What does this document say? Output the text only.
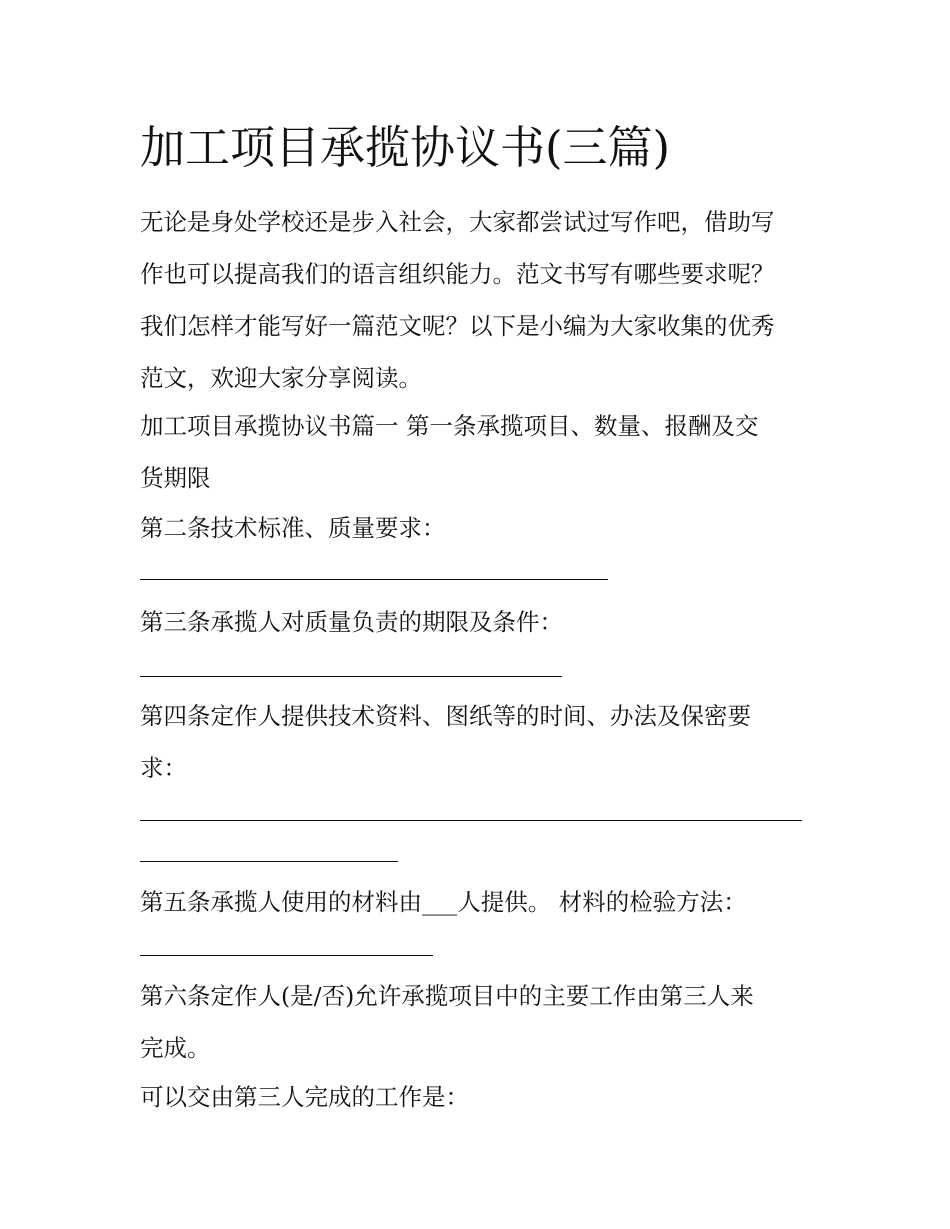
加工项目承揽协议书(三篇)
无论是身处学校还是步入社会，大家都尝试过写作吧，借助写
作也可以提高我们的语言组织能力。范文书写有哪些要求呢？
我们怎样才能写好一篇范文呢？以下是小编为大家收集的优秀
范文，欢迎大家分享阅读。
加工项目承揽协议书篇一 第一条承揽项目、数量、报酬及交
货期限
第二条技术标准、质量要求：
第三条承揽人对质量负责的期限及条件：
第四条定作人提供技术资料、图纸等的时间、办法及保密要
求：
第五条承揽人使用的材料由___人提供。 材料的检验方法：
第六条定作人(是/否)允许承揽项目中的主要工作由第三人来
完成。
可以交由第三人完成的工作是：
